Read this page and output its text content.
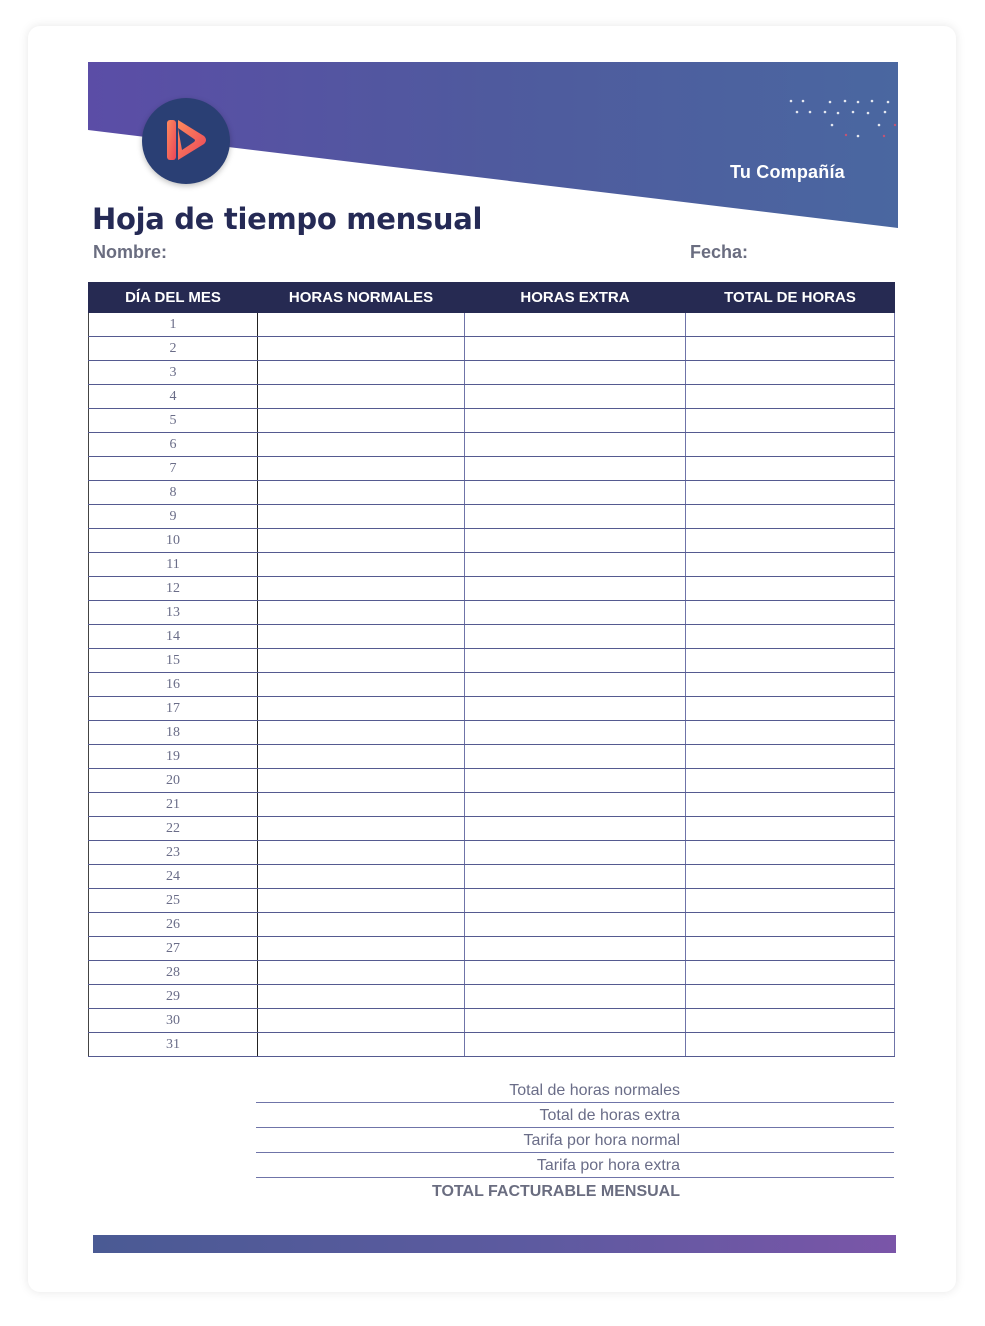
Tu Compañía
Hoja de tiempo mensual
Nombre:	Fecha:
DÍA DEL MES	HORAS NORMALES	HORAS EXTRA	TOTAL DE HORAS
1			
2			
3			
4			
5			
6			
7			
8			
9			
10			
11			
12			
13			
14			
15			
16			
17			
18			
19			
20			
21			
22			
23			
24			
25			
26			
27			
28			
29			
30			
31			
Total de horas normales
Total de horas extra
Tarifa por hora normal
Tarifa por hora extra
TOTAL FACTURABLE MENSUAL
